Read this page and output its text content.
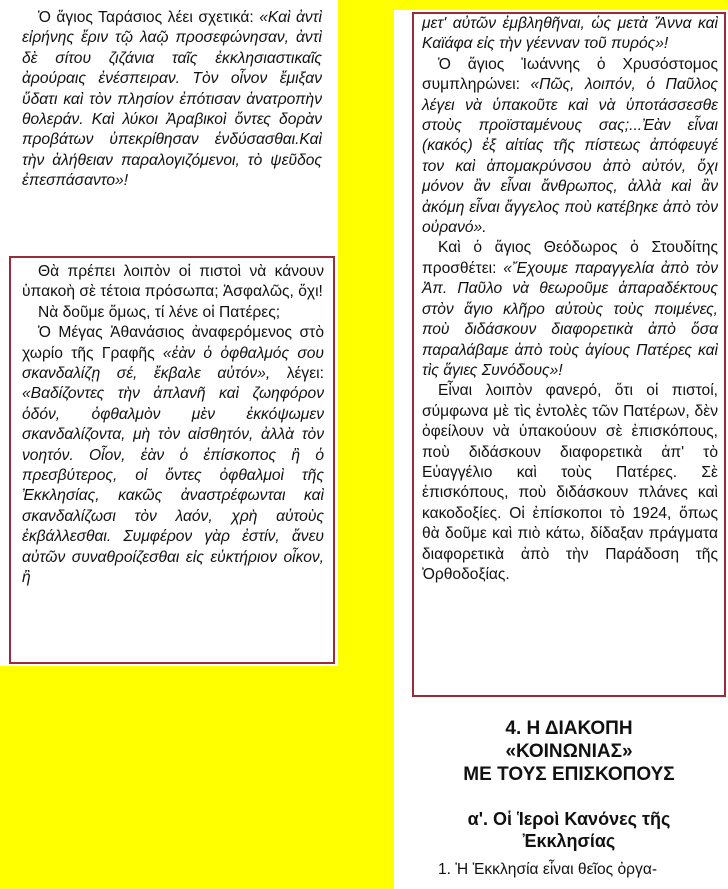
Ὁ ἅγιος Ταράσιος λέει σχετικά: «Καὶ ἀντὶ εἰρήνης ἔριν τῷ λαῷ προσεφώνησαν, ἀντὶ δὲ σίτου ζιζάνια ταῖς ἐκκλησιαστικαῖς ἀρούραις ἐνέσπειραν. Τὸν οἶνον ἔμιξαν ὕδατι καὶ τὸν πλησίον ἐπότισαν ἀνατροπὴν θολεράν. Καὶ λύκοι Ἀραβικοὶ ὄντες δορὰν προβάτων ὑπεκρίθησαν ἐνδύσασθαι.Καὶ τὴν ἀλήθειαν παραλογιζόμενοι, τὸ ψεῦδος ἐπεσπάσαντο»!

Θὰ πρέπει λοιπὸν οἱ πιστοὶ νὰ κάνουν ὑπακοὴ σὲ τέτοια πρόσωπα; Ἀσφαλῶς, ὄχι!

Νὰ δοῦμε ὅμως, τί λένε οἱ Πατέρες;

Ὁ Μέγας Ἀθανάσιος ἀναφερόμενος στὸ χωρίο τῆς Γραφῆς «ἐὰν ὁ ὀφθαλμός σου σκανδαλίζῃ σέ, ἔκβαλε αὐτόν», λέγει: «Βαδίζοντες τὴν ἀπλανῆ καὶ ζωηφόρον ὁδόν, ὀφθαλμὸν μὲν ἐκκόψωμεν σκανδαλίζοντα, μὴ τὸν αἰσθητόν, ἀλλὰ τὸν νοητόν. Οἷον, ἐὰν ὁ ἐπίσκοπος ἢ ὁ πρεσβύτερος, οἱ ὄντες ὀφθαλμοὶ τῆς Ἐκκλησίας, κακῶς ἀναστρέφωνται καὶ σκανδαλίζωσι τὸν λαόν, χρὴ αὐτοὺς ἐκβάλλεσθαι. Συμφέρον γὰρ ἐστίν, ἄνευ αὐτῶν συναθροίζεσθαι εἰς εὐκτήριον οἶκον, ἢ

μετ' αὐτῶν ἐμβληθῆναι, ὡς μετὰ Ἄννα καὶ Καϊάφα εἰς τὴν γέενναν τοῦ πυρός»!

Ὁ ἅγιος Ἰωάννης ὁ Χρυσόστομος συμπληρώνει: «Πῶς, λοιπόν, ὁ Παῦλος λέγει νὰ ὑπακοῦτε καὶ νὰ ὑποτάσσεσθε στοὺς προϊσταμένους σας;...Ἐὰν εἶναι (κακός) ἐξ αἰτίας τῆς πίστεως ἀπόφευγέ τον καὶ ἀπομακρύνσου ἀπὸ αὐτόν, ὄχι μόνον ἂν εἶναι ἄνθρωπος, ἀλλὰ καὶ ἂν ἀκόμη εἶναι ἄγγελος ποὺ κατέβηκε ἀπὸ τὸν οὐρανό».

Καὶ ὁ ἅγιος Θεόδωρος ὁ Στουδίτης προσθέτει: «Ἔχουμε παραγγελία ἀπὸ τὸν Ἀπ. Παῦλο νὰ θεωροῦμε ἀπαραδέκτους στὸν ἅγιο κλῆρο αὐτοὺς τοὺς ποιμένες, ποὺ διδάσκουν διαφορετικὰ ἀπὸ ὅσα παραλάβαμε ἀπὸ τοὺς ἁγίους Πατέρες καὶ τὶς ἅγιες Συνόδους»!

Εἶναι λοιπὸν φανερό, ὅτι οἱ πιστοί, σύμφωνα μὲ τὶς ἐντολὲς τῶν Πατέρων, δὲν ὀφείλουν νὰ ὑπακούουν σὲ ἐπισκόπους, ποὺ διδάσκουν διαφορετικὰ ἀπ' τὸ Εὐαγγέλιο καὶ τοὺς Πατέρες. Σὲ ἐπισκόπους, ποὺ διδάσκουν πλάνες καὶ κακοδοξίες. Οἱ ἐπίσκοποι τὸ 1924, ὅπως θὰ δοῦμε καὶ πιὸ κάτω, δίδαξαν πράγματα διαφορετικὰ ἀπὸ τὴν Παράδοση τῆς Ὀρθοδοξίας.

4. Η ΔΙΑΚΟΠΗ
«ΚΟΙΝΩΝΙΑΣ»
ΜΕ ΤΟΥΣ ΕΠΙΣΚΟΠΟΥΣ
α'. Οἱ Ἱεροὶ Κανόνες τῆς
Ἐκκλησίας

1. Ἡ Ἐκκλησία εἶναι θεῖος ὀργα-
